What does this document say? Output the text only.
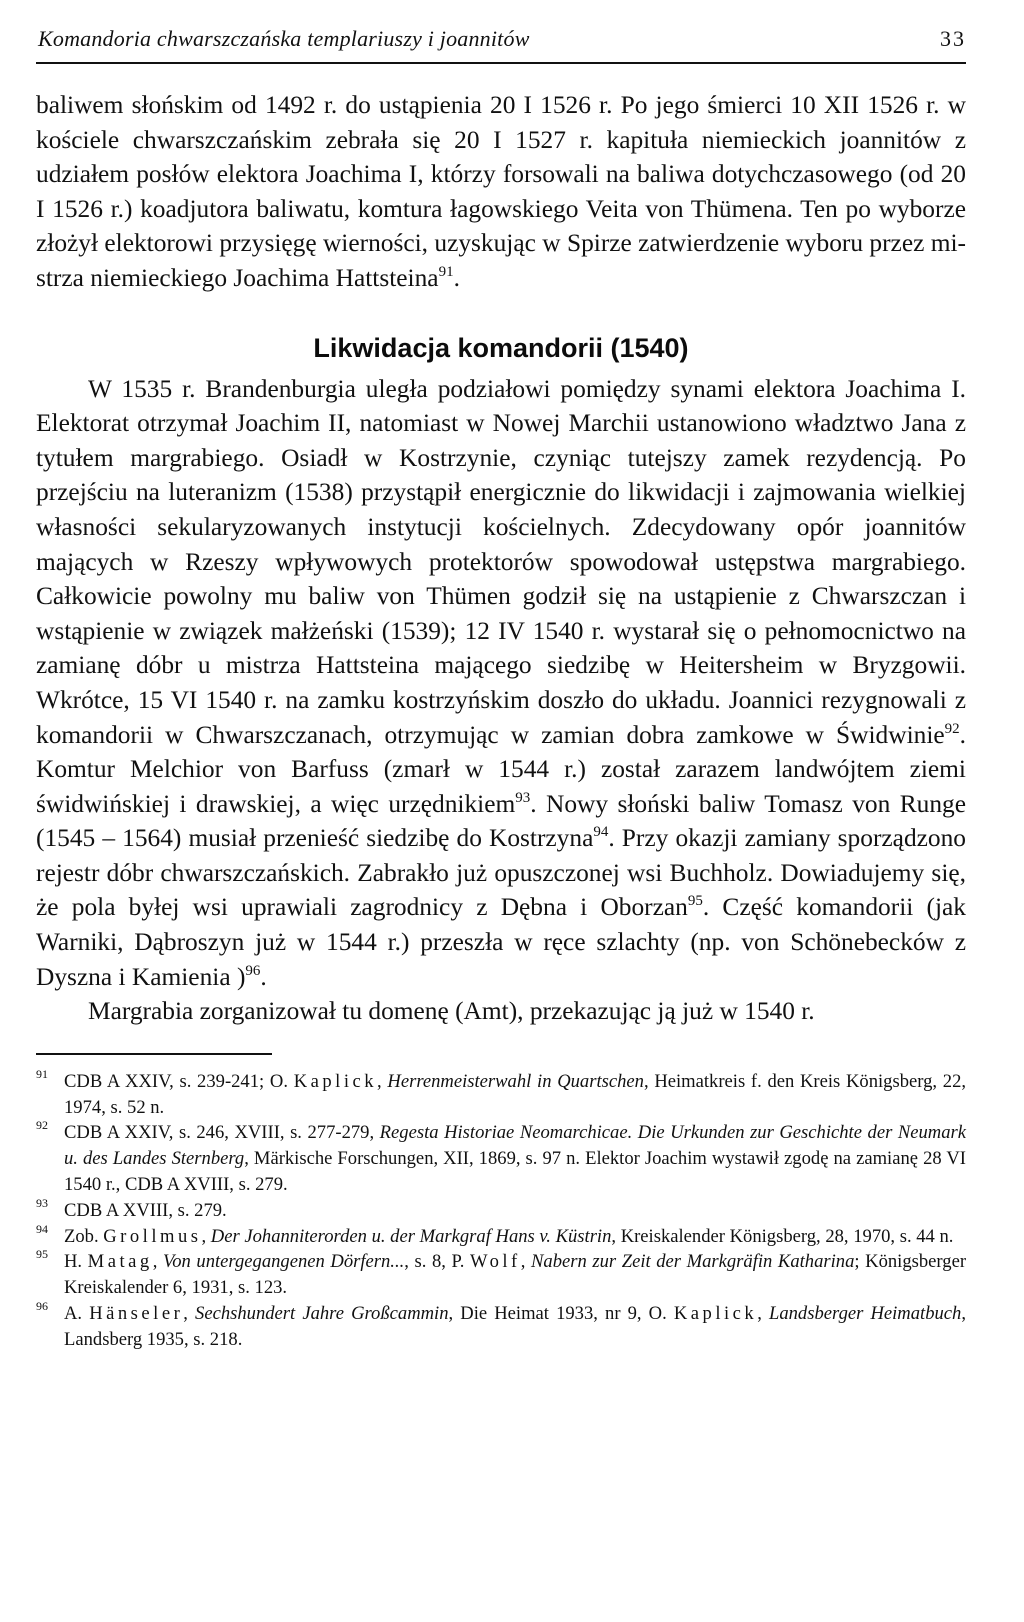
Komandoria chwarszczańska templariuszy i joannitów	33

baliwem słońskim od 1492 r. do ustąpienia 20 I 1526 r. Po jego śmierci 10 XII 1526 r. w kościele chwarszczańskim zebrała się 20 I 1527 r. kapituła niemieckich joannitów z udziałem posłów elektora Joachima I, którzy forsowali na baliwa dotychczasowego (od 20 I 1526 r.) koadjutora baliwatu, komtura łagowskiego Veita von Thümena. Ten po wyborze złożył elektorowi przysięgę wierności, uzyskując w Spirze zatwierdzenie wyboru przez mistrza niemieckiego Joachima Hattsteina$^{91}$.

Likwidacja komandorii (1540)

W 1535 r. Brandenburgia uległa podziałowi pomiędzy synami elektora Joachima I. Elektorat otrzymał Joachim II, natomiast w Nowej Marchii ustanowiono władztwo Jana z tytułem margrabiego. Osiadł w Kostrzynie, czyniąc tutejszy zamek rezydencją. Po przejściu na luteranizm (1538) przystąpił energicznie do likwidacji i zajmowania wielkiej własności sekularyzowanych instytucji kościelnych. Zdecydowany opór joannitów mających w Rzeszy wpływowych protektorów spowodował ustępstwa margrabiego. Całkowicie powolny mu baliw von Thümen godził się na ustąpienie z Chwarszczan i wstąpienie w związek małżeński (1539); 12 IV 1540 r. wystarał się o pełnomocnictwo na zamianę dóbr u mistrza Hattsteina mającego siedzibę w Heitersheim w Bryzgowii. Wkrótce, 15 VI 1540 r. na zamku kostrzyńskim doszło do układu. Joannici rezygnowali z komandorii w Chwarszczanach, otrzymując w zamian dobra zamkowe w Świdwinie$^{92}$. Komtur Melchior von Barfuss (zmarł w 1544 r.) został zarazem landwójtem ziemi świdwińskiej i drawskiej, a więc urzędnikiem$^{93}$. Nowy słoński baliw Tomasz von Runge (1545 – 1564) musiał przenieść siedzibę do Kostrzyna$^{94}$. Przy okazji zamiany sporządzono rejestr dóbr chwarszczańskich. Zabrakło już opuszczonej wsi Buchholz. Dowiadujemy się, że pola byłej wsi uprawiali zagrodnicy z Dębna i Oborzan$^{95}$. Część komandorii (jak Warniki, Dąbroszyn już w 1544 r.) przeszła w ręce szlachty (np. von Schönebecków z Dyszna i Kamienia )$^{96}$.

Margrabia zorganizował tu domenę (Amt), przekazując ją już w 1540 r.

91 CDB A XXIV, s. 239-241; O. Kaplick, Herrenmeisterwahl in Quartschen, Heimatkreis f. den Kreis Königsberg, 22, 1974, s. 52 n.
92 CDB A XXIV, s. 246, XVIII, s. 277-279, Regesta Historiae Neomarchicae. Die Urkunden zur Geschichte der Neumark u. des Landes Sternberg, Märkische Forschungen, XII, 1869, s. 97 n. Elektor Joachim wystawił zgodę na zamianę 28 VI 1540 r., CDB A XVIII, s. 279.
93 CDB A XVIII, s. 279.
94 Zob. Grollmus, Der Johanniterorden u. der Markgraf Hans v. Küstrin, Kreiskalender Königsberg, 28, 1970, s. 44 n.
95 H. Matag, Von untergegangenen Dörfern..., s. 8, P. Wolf, Nabern zur Zeit der Markgräfin Katharina; Königsberger Kreiskalender 6, 1931, s. 123.
96 A. Hänseler, Sechshundert Jahre Großcammin, Die Heimat 1933, nr 9, O. Kaplick, Landsberger Heimatbuch, Landsberg 1935, s. 218.
